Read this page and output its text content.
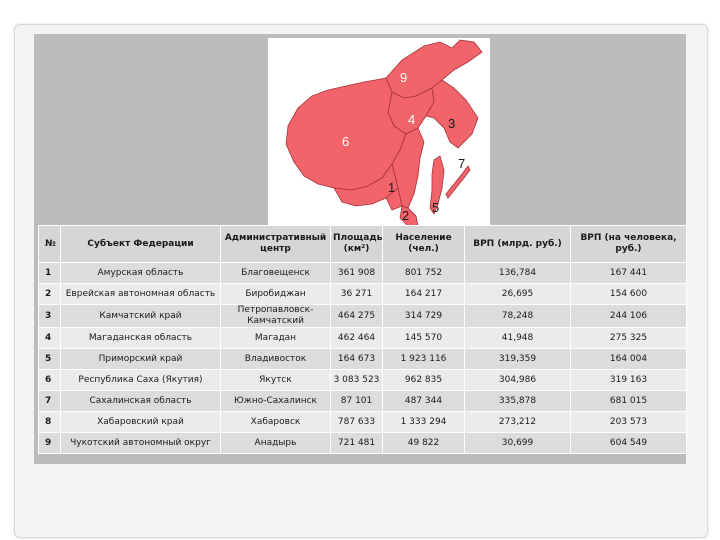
9
4	3
6
7
1
8
5
2
№	Субъект Федерации	Административный центр	Площадь (км²)	Население (чел.)	ВРП (млрд. руб.)	ВРП (на человека, руб.)
1	Амурская область	Благовещенск	361 908	801 752	136,784	167 441
2	Еврейская автономная область	Биробиджан	36 271	164 217	26,695	154 600
3	Камчатский край	Петропавловск-Камчатский	464 275	314 729	78,248	244 106
4	Магаданская область	Магадан	462 464	145 570	41,948	275 325
5	Приморский край	Владивосток	164 673	1 923 116	319,359	164 004
6	Республика Саха (Якутия)	Якутск	3 083 523	962 835	304,986	319 163
7	Сахалинская область	Южно-Сахалинск	87 101	487 344	335,878	681 015
8	Хабаровский край	Хабаровск	787 633	1 333 294	273,212	203 573
9	Чукотский автономный округ	Анадырь	721 481	49 822	30,699	604 549
